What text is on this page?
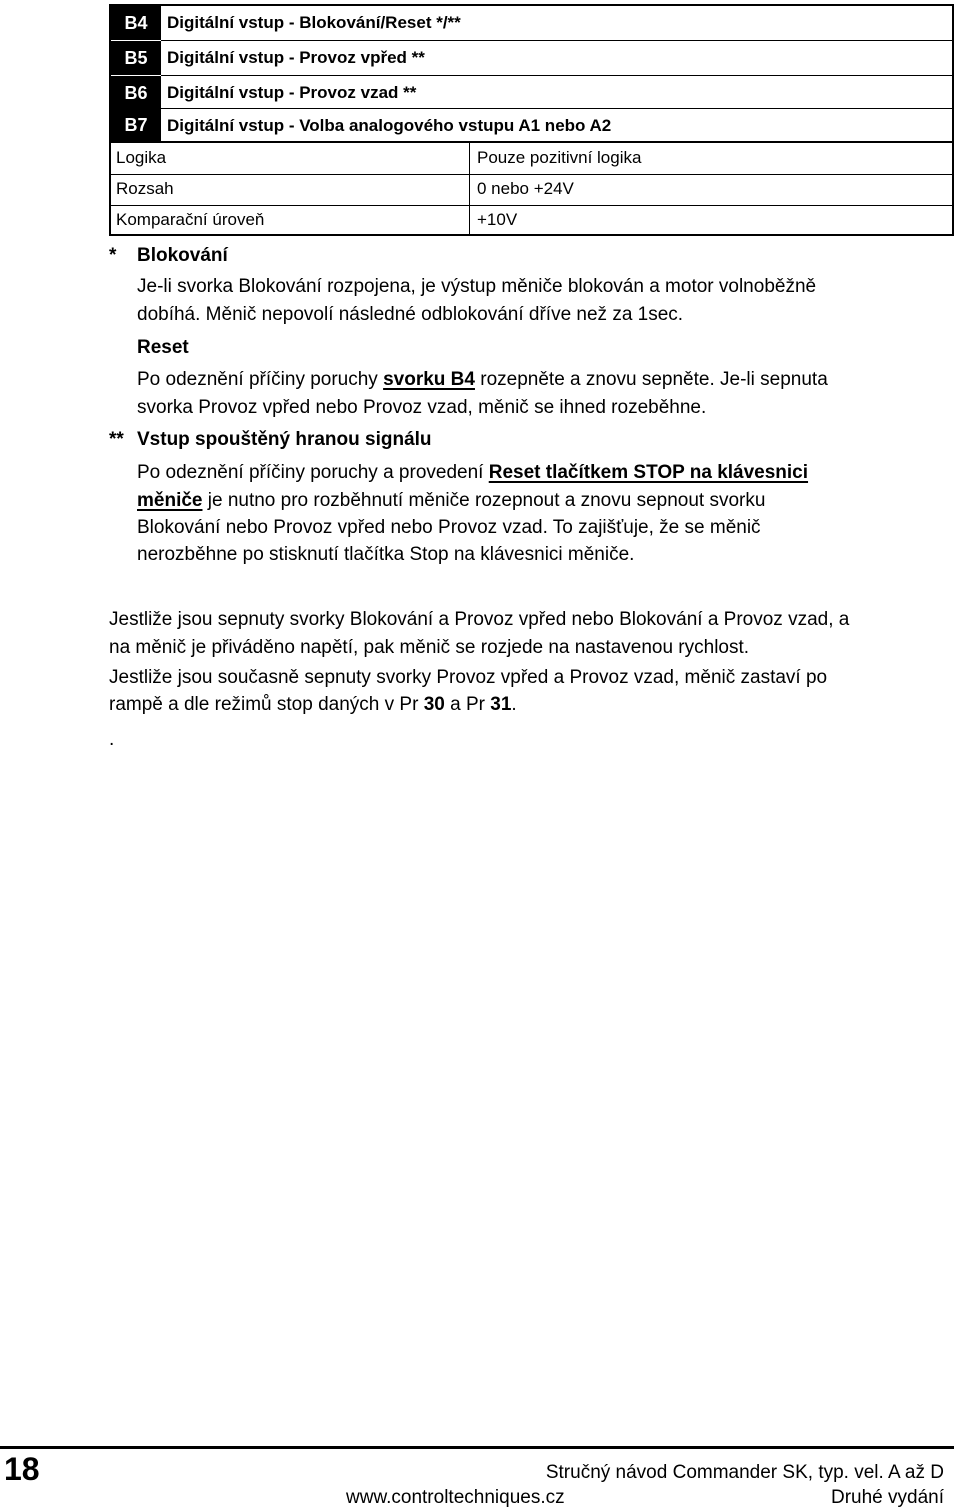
B4	Digitální vstup - Blokování/Reset */**
B5	Digitální vstup - Provoz vpřed **
B6	Digitální vstup - Provoz vzad **
B7	Digitální vstup - Volba analogového vstupu A1 nebo A2
Logika	Pouze pozitivní logika
Rozsah	0 nebo +24V
Komparační úroveň	+10V
* Blokování
Je-li svorka Blokování rozpojena, je výstup měniče blokován a motor volnoběžně
dobíhá. Měnič nepovolí následné odblokování dříve než za 1sec.
Reset
Po odeznění příčiny poruchy svorku B4 rozepněte a znovu sepněte. Je-li sepnuta
svorka Provoz vpřed nebo Provoz vzad, měnič se ihned rozeběhne.
** Vstup spouštěný hranou signálu
Po odeznění příčiny poruchy a provedení Reset tlačítkem STOP na klávesnici
měniče je nutno pro rozběhnutí měniče rozepnout a znovu sepnout svorku
Blokování nebo Provoz vpřed nebo Provoz vzad. To zajišťuje, že se měnič
nerozběhne po stisknutí tlačítka Stop na klávesnici měniče.
Jestliže jsou sepnuty svorky Blokování a Provoz vpřed nebo Blokování a Provoz vzad, a
na měnič je přiváděno napětí, pak měnič se rozjede na nastavenou rychlost.
Jestliže jsou současně sepnuty svorky Provoz vpřed a Provoz vzad, měnič zastaví po
rampě a dle režimů stop daných v Pr 30 a Pr 31.
.
18	Stručný návod Commander SK, typ. vel. A až D
www.controltechniques.cz	Druhé vydání
